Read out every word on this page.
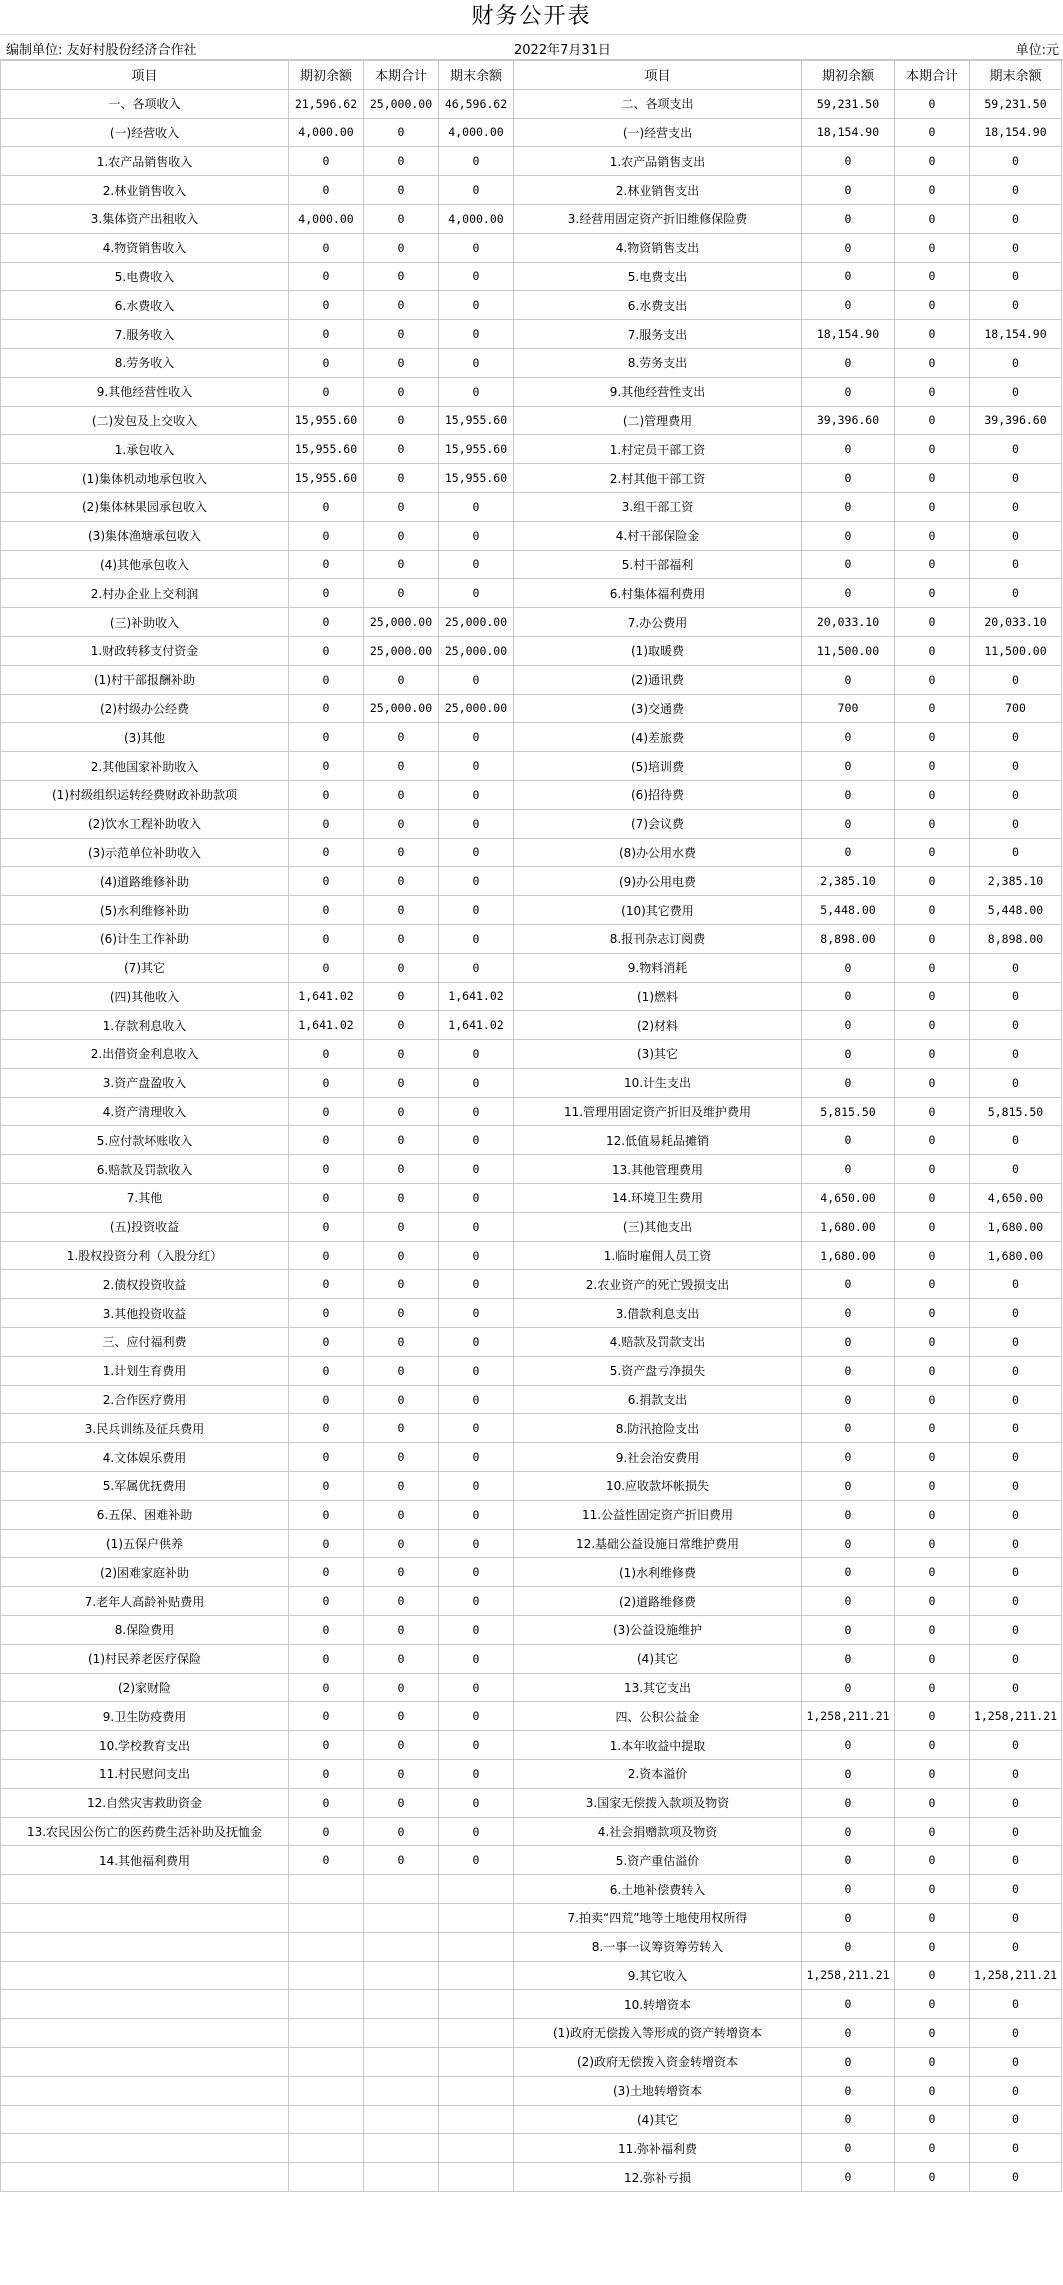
财务公开表
编制单位: 友好村股份经济合作社	2022年7月31日	单位:元
项目	期初余额	本期合计	期末余额	项目	期初余额	本期合计	期末余额
一、各项收入	21,596.62	25,000.00	46,596.62	二、各项支出	59,231.50	0	59,231.50
(一)经营收入	4,000.00	0	4,000.00	(一)经营支出	18,154.90	0	18,154.90
1.农产品销售收入	0	0	0	1.农产品销售支出	0	0	0
2.林业销售收入	0	0	0	2.林业销售支出	0	0	0
3.集体资产出租收入	4,000.00	0	4,000.00	3.经营用固定资产折旧维修保险费	0	0	0
4.物资销售收入	0	0	0	4.物资销售支出	0	0	0
5.电费收入	0	0	0	5.电费支出	0	0	0
6.水费收入	0	0	0	6.水费支出	0	0	0
7.服务收入	0	0	0	7.服务支出	18,154.90	0	18,154.90
8.劳务收入	0	0	0	8.劳务支出	0	0	0
9.其他经营性收入	0	0	0	9.其他经营性支出	0	0	0
(二)发包及上交收入	15,955.60	0	15,955.60	(二)管理费用	39,396.60	0	39,396.60
1.承包收入	15,955.60	0	15,955.60	1.村定员干部工资	0	0	0
(1)集体机动地承包收入	15,955.60	0	15,955.60	2.村其他干部工资	0	0	0
(2)集体林果园承包收入	0	0	0	3.组干部工资	0	0	0
(3)集体渔塘承包收入	0	0	0	4.村干部保险金	0	0	0
(4)其他承包收入	0	0	0	5.村干部福利	0	0	0
2.村办企业上交利润	0	0	0	6.村集体福利费用	0	0	0
(三)补助收入	0	25,000.00	25,000.00	7.办公费用	20,033.10	0	20,033.10
1.财政转移支付资金	0	25,000.00	25,000.00	(1)取暖费	11,500.00	0	11,500.00
(1)村干部报酬补助	0	0	0	(2)通讯费	0	0	0
(2)村级办公经费	0	25,000.00	25,000.00	(3)交通费	700	0	700
(3)其他	0	0	0	(4)差旅费	0	0	0
2.其他国家补助收入	0	0	0	(5)培训费	0	0	0
(1)村级组织运转经费财政补助款项	0	0	0	(6)招待费	0	0	0
(2)饮水工程补助收入	0	0	0	(7)会议费	0	0	0
(3)示范单位补助收入	0	0	0	(8)办公用水费	0	0	0
(4)道路维修补助	0	0	0	(9)办公用电费	2,385.10	0	2,385.10
(5)水利维修补助	0	0	0	(10)其它费用	5,448.00	0	5,448.00
(6)计生工作补助	0	0	0	8.报刊杂志订阅费	8,898.00	0	8,898.00
(7)其它	0	0	0	9.物料消耗	0	0	0
(四)其他收入	1,641.02	0	1,641.02	(1)燃料	0	0	0
1.存款利息收入	1,641.02	0	1,641.02	(2)材料	0	0	0
2.出借资金利息收入	0	0	0	(3)其它	0	0	0
3.资产盘盈收入	0	0	0	10.计生支出	0	0	0
4.资产清理收入	0	0	0	11.管理用固定资产折旧及维护费用	5,815.50	0	5,815.50
5.应付款坏账收入	0	0	0	12.低值易耗品摊销	0	0	0
6.赔款及罚款收入	0	0	0	13.其他管理费用	0	0	0
7.其他	0	0	0	14.环境卫生费用	4,650.00	0	4,650.00
(五)投资收益	0	0	0	(三)其他支出	1,680.00	0	1,680.00
1.股权投资分利（入股分红）	0	0	0	1.临时雇佣人员工资	1,680.00	0	1,680.00
2.债权投资收益	0	0	0	2.农业资产的死亡毁损支出	0	0	0
3.其他投资收益	0	0	0	3.借款利息支出	0	0	0
三、应付福利费	0	0	0	4.赔款及罚款支出	0	0	0
1.计划生育费用	0	0	0	5.资产盘亏净损失	0	0	0
2.合作医疗费用	0	0	0	6.捐款支出	0	0	0
3.民兵训练及征兵费用	0	0	0	8.防汛抢险支出	0	0	0
4.文体娱乐费用	0	0	0	9.社会治安费用	0	0	0
5.军属优抚费用	0	0	0	10.应收款坏帐损失	0	0	0
6.五保、困难补助	0	0	0	11.公益性固定资产折旧费用	0	0	0
(1)五保户供养	0	0	0	12.基础公益设施日常维护费用	0	0	0
(2)困难家庭补助	0	0	0	(1)水利维修费	0	0	0
7.老年人高龄补贴费用	0	0	0	(2)道路维修费	0	0	0
8.保险费用	0	0	0	(3)公益设施维护	0	0	0
(1)村民养老医疗保险	0	0	0	(4)其它	0	0	0
(2)家财险	0	0	0	13.其它支出	0	0	0
9.卫生防疫费用	0	0	0	四、公积公益金	1,258,211.21	0	1,258,211.21
10.学校教育支出	0	0	0	1.本年收益中提取	0	0	0
11.村民慰问支出	0	0	0	2.资本溢价	0	0	0
12.自然灾害救助资金	0	0	0	3.国家无偿拨入款项及物资	0	0	0
13.农民因公伤亡的医药费生活补助及抚恤金	0	0	0	4.社会捐赠款项及物资	0	0	0
14.其他福利费用	0	0	0	5.资产重估溢价	0	0	0
				6.土地补偿费转入	0	0	0
				7.拍卖“四荒”地等土地使用权所得	0	0	0
				8.一事一议筹资筹劳转入	0	0	0
				9.其它收入	1,258,211.21	0	1,258,211.21
				10.转增资本	0	0	0
				(1)政府无偿拨入等形成的资产转增资本	0	0	0
				(2)政府无偿拨入资金转增资本	0	0	0
				(3)土地转增资本	0	0	0
				(4)其它	0	0	0
				11.弥补福利费	0	0	0
				12.弥补亏损	0	0	0
